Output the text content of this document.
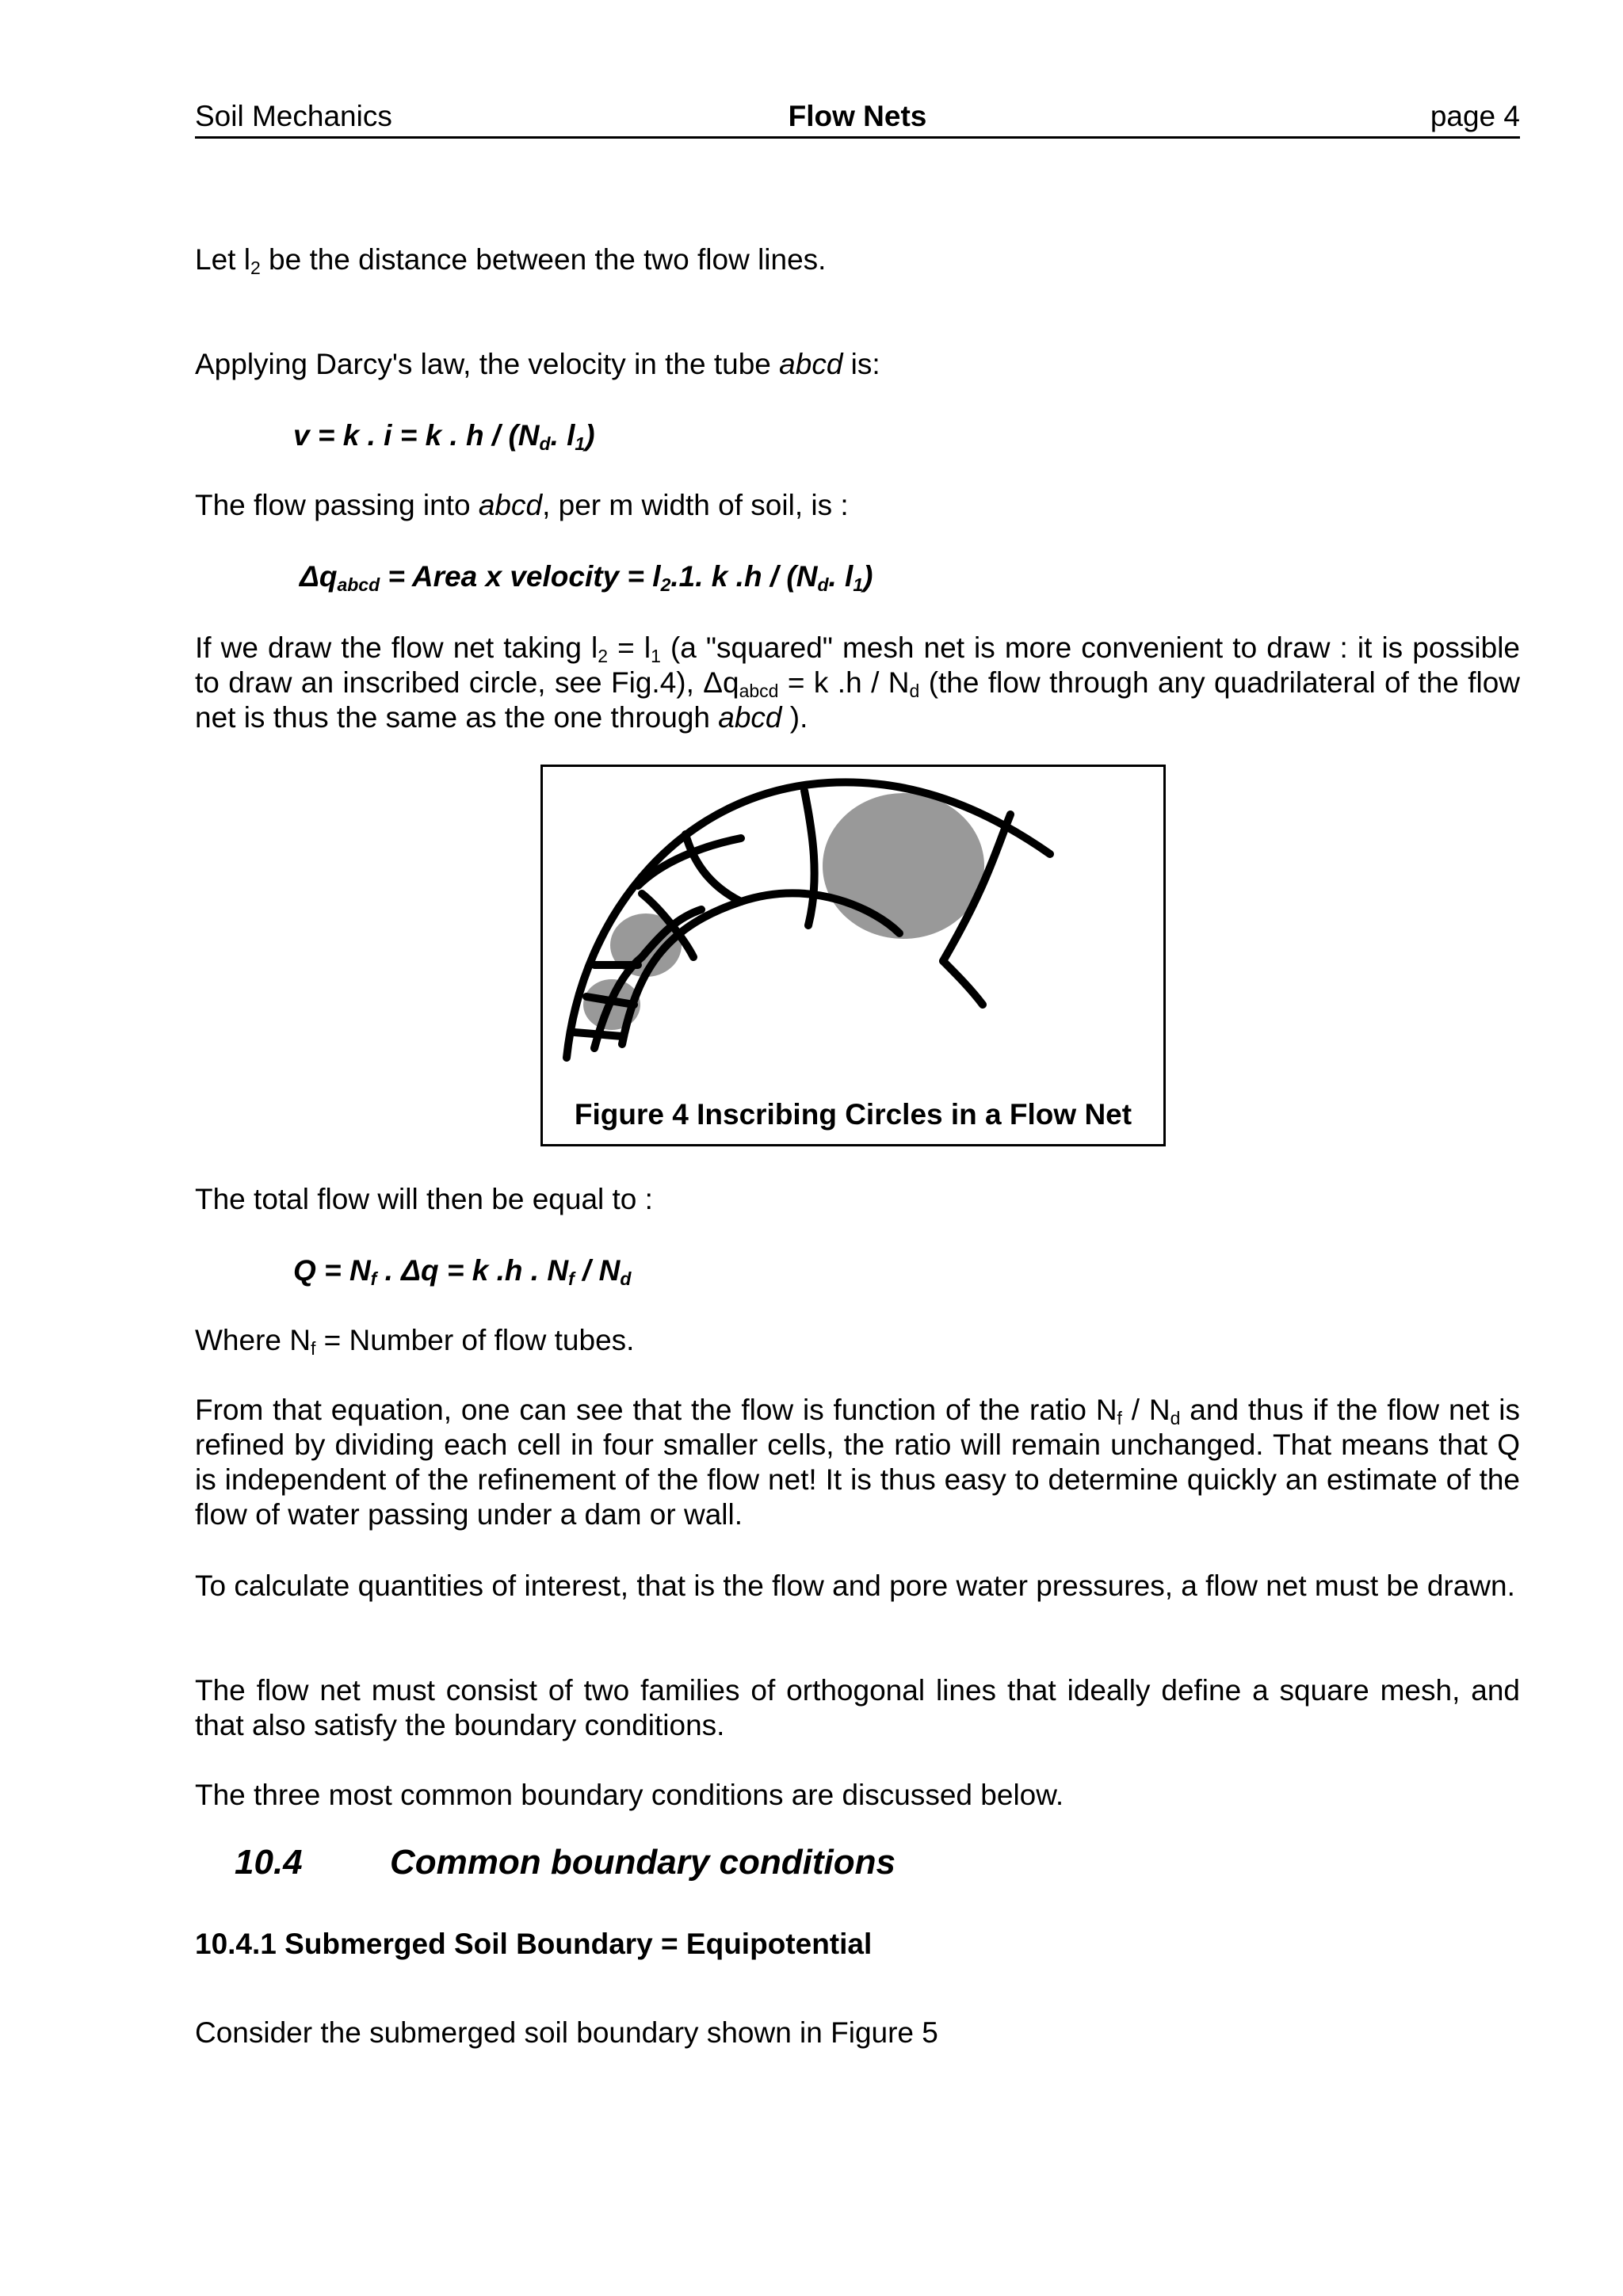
Soil Mechanics	Flow Nets	page 4

Let $l_2$ be the distance between the two flow lines.

Applying Darcy's law, the velocity in the tube abcd is:

v = k . i = k . h / ($N_d$. $l_1$)

The flow passing into abcd, per m width of soil, is :

$\Delta q_{abcd}$ = Area x velocity = $l_2.1$. k .h / ($N_d$. $l_1$)

If we draw the flow net taking $l_2 = l_1$ (a "squared" mesh net is more convenient to draw : it is possible to draw an inscribed circle, see Fig.4), $\Delta q_{abcd} = k$ .h / $N_d$ (the flow through any quadrilateral of the flow net is thus the same as the one through abcd ).

Figure 4 Inscribing Circles in a Flow Net

The total flow will then be equal to :

$Q = N_f$ . Δq = k .h . $N_f / N_d$

Where $N_f$ = Number of flow tubes.

From that equation, one can see that the flow is function of the ratio $N_f / N_d$ and thus if the flow net is refined by dividing each cell in four smaller cells, the ratio will remain unchanged. That means that Q is independent of the refinement of the flow net! It is thus easy to determine quickly an estimate of the flow of water passing under a dam or wall.

To calculate quantities of interest, that is the flow and pore water pressures, a flow net must be drawn.

The flow net must consist of two families of orthogonal lines that ideally define a square mesh, and that also satisfy the boundary conditions.

The three most common boundary conditions are discussed below.

10.4	Common boundary conditions
10.4.1 Submerged Soil Boundary = Equipotential

Consider the submerged soil boundary shown in Figure 5
